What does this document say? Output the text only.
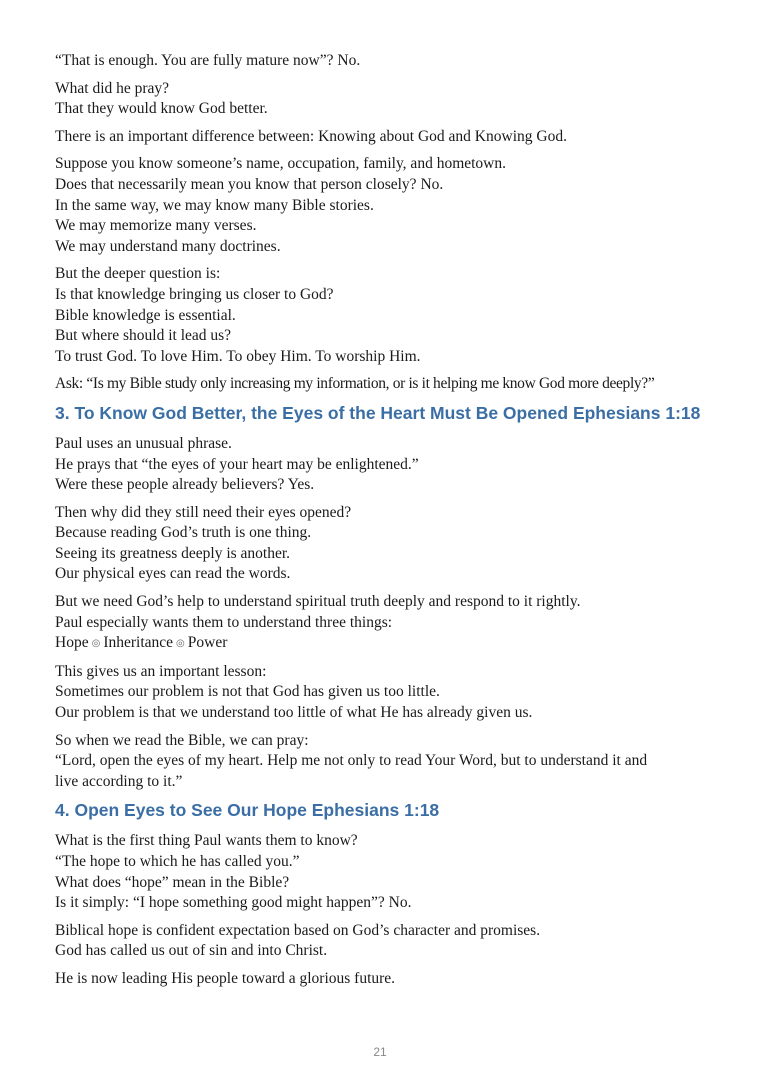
“That is enough. You are fully mature now”? No.
What did he pray?
That they would know God better.
There is an important difference between: Knowing about God and Knowing God.
Suppose you know someone’s name, occupation, family, and hometown.
Does that necessarily mean you know that person closely? No.
In the same way, we may know many Bible stories.
We may memorize many verses.
We may understand many doctrines.
But the deeper question is:
Is that knowledge bringing us closer to God?
Bible knowledge is essential.
But where should it lead us?
To trust God. To love Him. To obey Him. To worship Him.
Ask: “Is my Bible study only increasing my information, or is it helping me know God more deeply?”
3. To Know God Better, the Eyes of the Heart Must Be Opened Ephesians 1:18
Paul uses an unusual phrase.
He prays that “the eyes of your heart may be enlightened.”
Were these people already believers? Yes.
Then why did they still need their eyes opened?
Because reading God’s truth is one thing.
Seeing its greatness deeply is another.
Our physical eyes can read the words.
But we need God’s help to understand spiritual truth deeply and respond to it rightly.
Paul especially wants them to understand three things:
Hope ◎ Inheritance ◎ Power
This gives us an important lesson:
Sometimes our problem is not that God has given us too little.
Our problem is that we understand too little of what He has already given us.
So when we read the Bible, we can pray:
“Lord, open the eyes of my heart. Help me not only to read Your Word, but to understand it and
live according to it.”
4. Open Eyes to See Our Hope Ephesians 1:18
What is the first thing Paul wants them to know?
“The hope to which he has called you.”
What does “hope” mean in the Bible?
Is it simply: “I hope something good might happen”? No.
Biblical hope is confident expectation based on God’s character and promises.
God has called us out of sin and into Christ.
He is now leading His people toward a glorious future.
21
